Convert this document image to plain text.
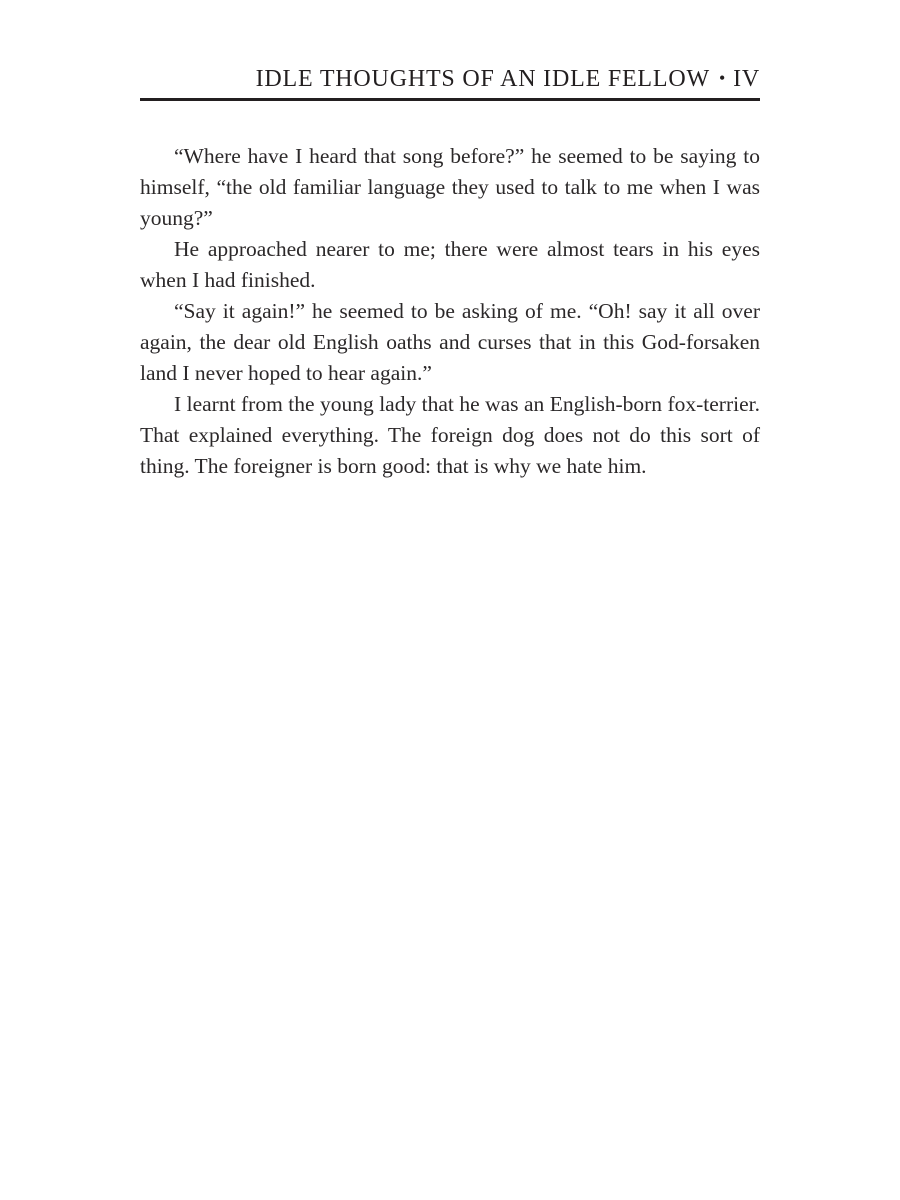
IDLE THOUGHTS OF AN IDLE FELLOW • IV

“Where have I heard that song before?” he seemed to be saying to himself, “the old familiar language they used to talk to me when I was young?”

He approached nearer to me; there were almost tears in his eyes when I had finished.

“Say it again!” he seemed to be asking of me. “Oh! say it all over again, the dear old English oaths and curses that in this God-forsaken land I never hoped to hear again.”

I learnt from the young lady that he was an English-born fox-terrier. That explained everything. The foreign dog does not do this sort of thing. The foreigner is born good: that is why we hate him.
